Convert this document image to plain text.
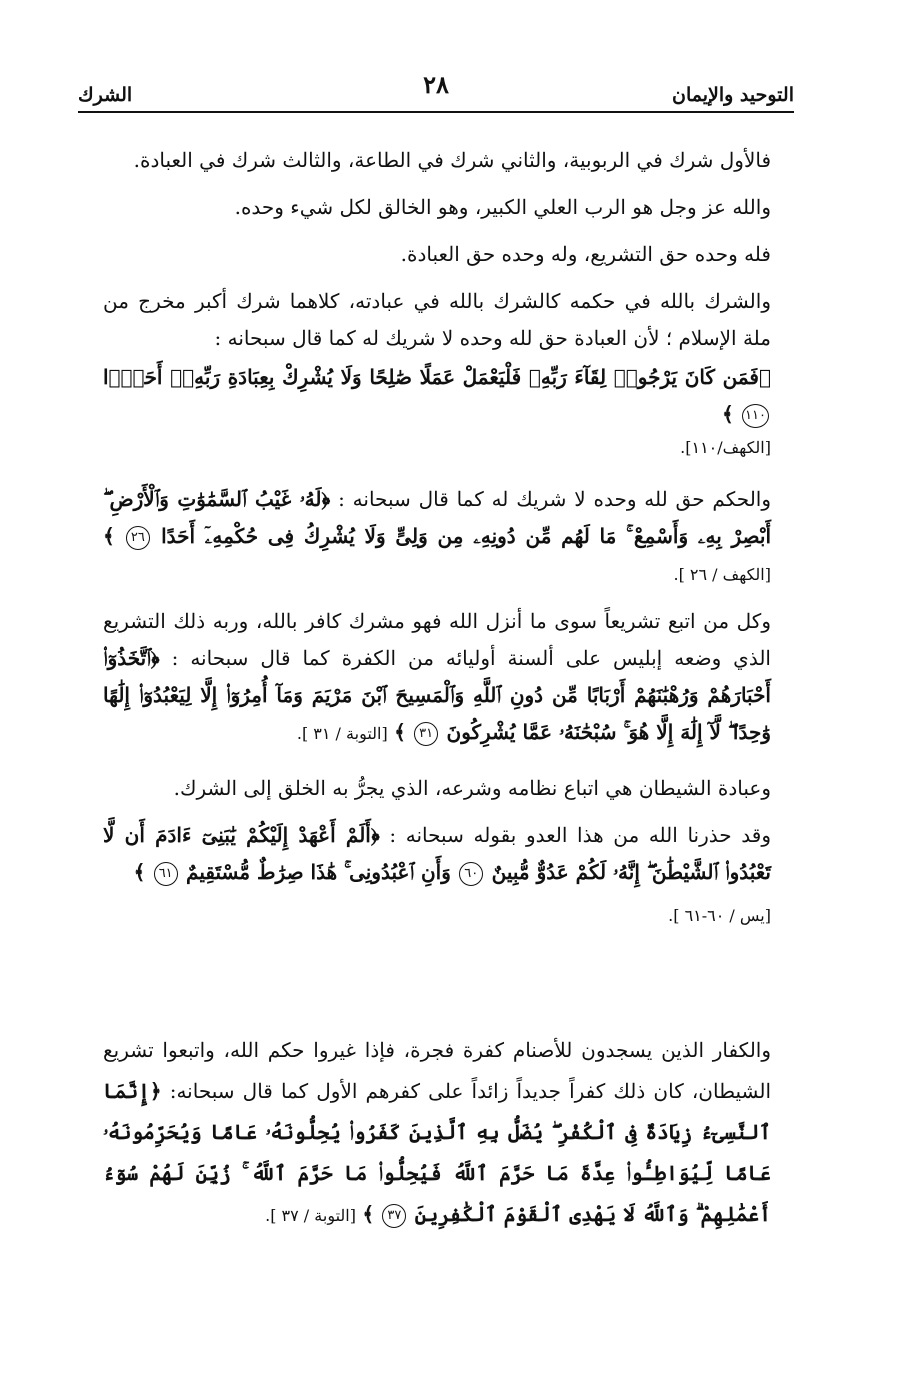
التوحيد والإيمان
٢٨
الشرك

فالأول شرك في الربوبية، والثاني شرك في الطاعة، والثالث شرك في العبادة.

والله عز وجل هو الرب العلي الكبير، وهو الخالق لكل شيء وحده.

فله وحده حق التشريع، وله وحده حق العبادة.

والشرك بالله في حكمه كالشرك بالله في عبادته، كلاهما شرك أكبر مخرج من ملة الإسلام ؛ لأن العبادة حق لله وحده لا شريك له كما قال سبحانه :

﴿فَمَن كَانَ يَرْجُوا۟ لِقَآءَ رَبِّهِۦ فَلْيَعْمَلْ عَمَلًا صَٰلِحًا وَلَا يُشْرِكْ بِعِبَادَةِ رَبِّهِۦٓ أَحَدًۢا ١١٠ ﴾

[الكهف/١١٠].

والحكم حق لله وحده لا شريك له كما قال سبحانه : ﴿لَهُۥ غَيْبُ ٱلسَّمَٰوَٰتِ وَٱلْأَرْضِ ۖ أَبْصِرْ بِهِۦ وَأَسْمِعْ ۚ مَا لَهُم مِّن دُونِهِۦ مِن وَلِىٍّ وَلَا يُشْرِكُ فِى حُكْمِهِۦٓ أَحَدًا ٢٦ ﴾ [الكهف / ٢٦ ].

وكل من اتبع تشريعاً سوى ما أنزل الله فهو مشرك كافر بالله، وربه ذلك التشريع الذي وضعه إبليس على ألسنة أوليائه من الكفرة كما قال سبحانه : ﴿ٱتَّخَذُوٓا۟ أَحْبَارَهُمْ وَرُهْبَٰنَهُمْ أَرْبَابًا مِّن دُونِ ٱللَّهِ وَٱلْمَسِيحَ ٱبْنَ مَرْيَمَ وَمَآ أُمِرُوٓا۟ إِلَّا لِيَعْبُدُوٓا۟ إِلَٰهًا وَٰحِدًا ۖ لَّآ إِلَٰهَ إِلَّا هُوَ ۚ سُبْحَٰنَهُۥ عَمَّا يُشْرِكُونَ ٣١ ﴾ [التوبة / ٣١ ].

وعبادة الشيطان هي اتباع نظامه وشرعه، الذي يجرُّ به الخلق إلى الشرك.

وقد حذرنا الله من هذا العدو بقوله سبحانه : ﴿أَلَمْ أَعْهَدْ إِلَيْكُمْ يَٰبَنِىٓ ءَادَمَ أَن لَّا تَعْبُدُوا۟ ٱلشَّيْطَٰنَ ۖ إِنَّهُۥ لَكُمْ عَدُوٌّ مُّبِينٌ ٦٠ وَأَنِ ٱعْبُدُونِى ۚ هَٰذَا صِرَٰطٌ مُّسْتَقِيمٌ ٦١ ﴾

[يس / ٦٠-٦١ ].

والكفار الذين يسجدون للأصنام كفرة فجرة، فإذا غيروا حكم الله، واتبعوا تشريع الشيطان، كان ذلك كفراً جديداً زائداً على كفرهم الأول كما قال سبحانه: ﴿إِنَّمَا ٱلنَّسِىٓءُ زِيَادَةٌ فِى ٱلْكُفْرِ ۖ يُضَلُّ بِهِ ٱلَّذِينَ كَفَرُوا۟ يُحِلُّونَهُۥ عَامًا وَيُحَرِّمُونَهُۥ عَامًا لِّيُوَاطِـُٔوا۟ عِدَّةَ مَا حَرَّمَ ٱللَّهُ فَيُحِلُّوا۟ مَا حَرَّمَ ٱللَّهُ ۚ زُيِّنَ لَهُمْ سُوٓءُ أَعْمَٰلِهِمْ ۗ وَٱللَّهُ لَا يَهْدِى ٱلْقَوْمَ ٱلْكَٰفِرِينَ ٣٧ ﴾ [التوبة / ٣٧ ].
